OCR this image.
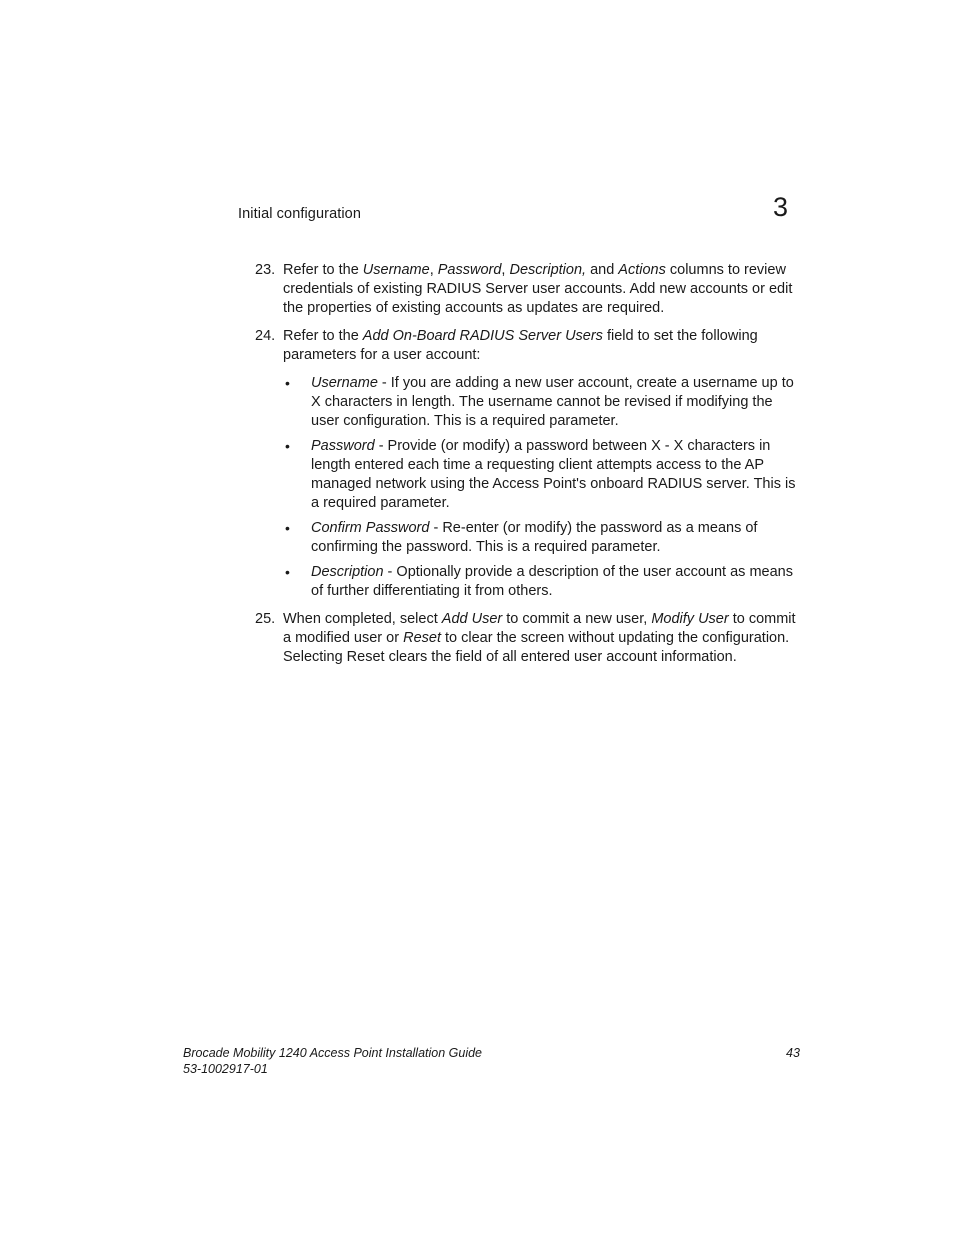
Initial configuration	3
23. Refer to the Username, Password, Description, and Actions columns to review credentials of existing RADIUS Server user accounts. Add new accounts or edit the properties of existing accounts as updates are required.
24. Refer to the Add On-Board RADIUS Server Users field to set the following parameters for a user account:
• Username - If you are adding a new user account, create a username up to X characters in length. The username cannot be revised if modifying the user configuration. This is a required parameter.
• Password - Provide (or modify) a password between X - X characters in length entered each time a requesting client attempts access to the AP managed network using the Access Point's onboard RADIUS server. This is a required parameter.
• Confirm Password - Re-enter (or modify) the password as a means of confirming the password. This is a required parameter.
• Description - Optionally provide a description of the user account as means of further differentiating it from others.
25. When completed, select Add User to commit a new user, Modify User to commit a modified user or Reset to clear the screen without updating the configuration. Selecting Reset clears the field of all entered user account information.
Brocade Mobility 1240 Access Point Installation Guide
53-1002917-01
43
